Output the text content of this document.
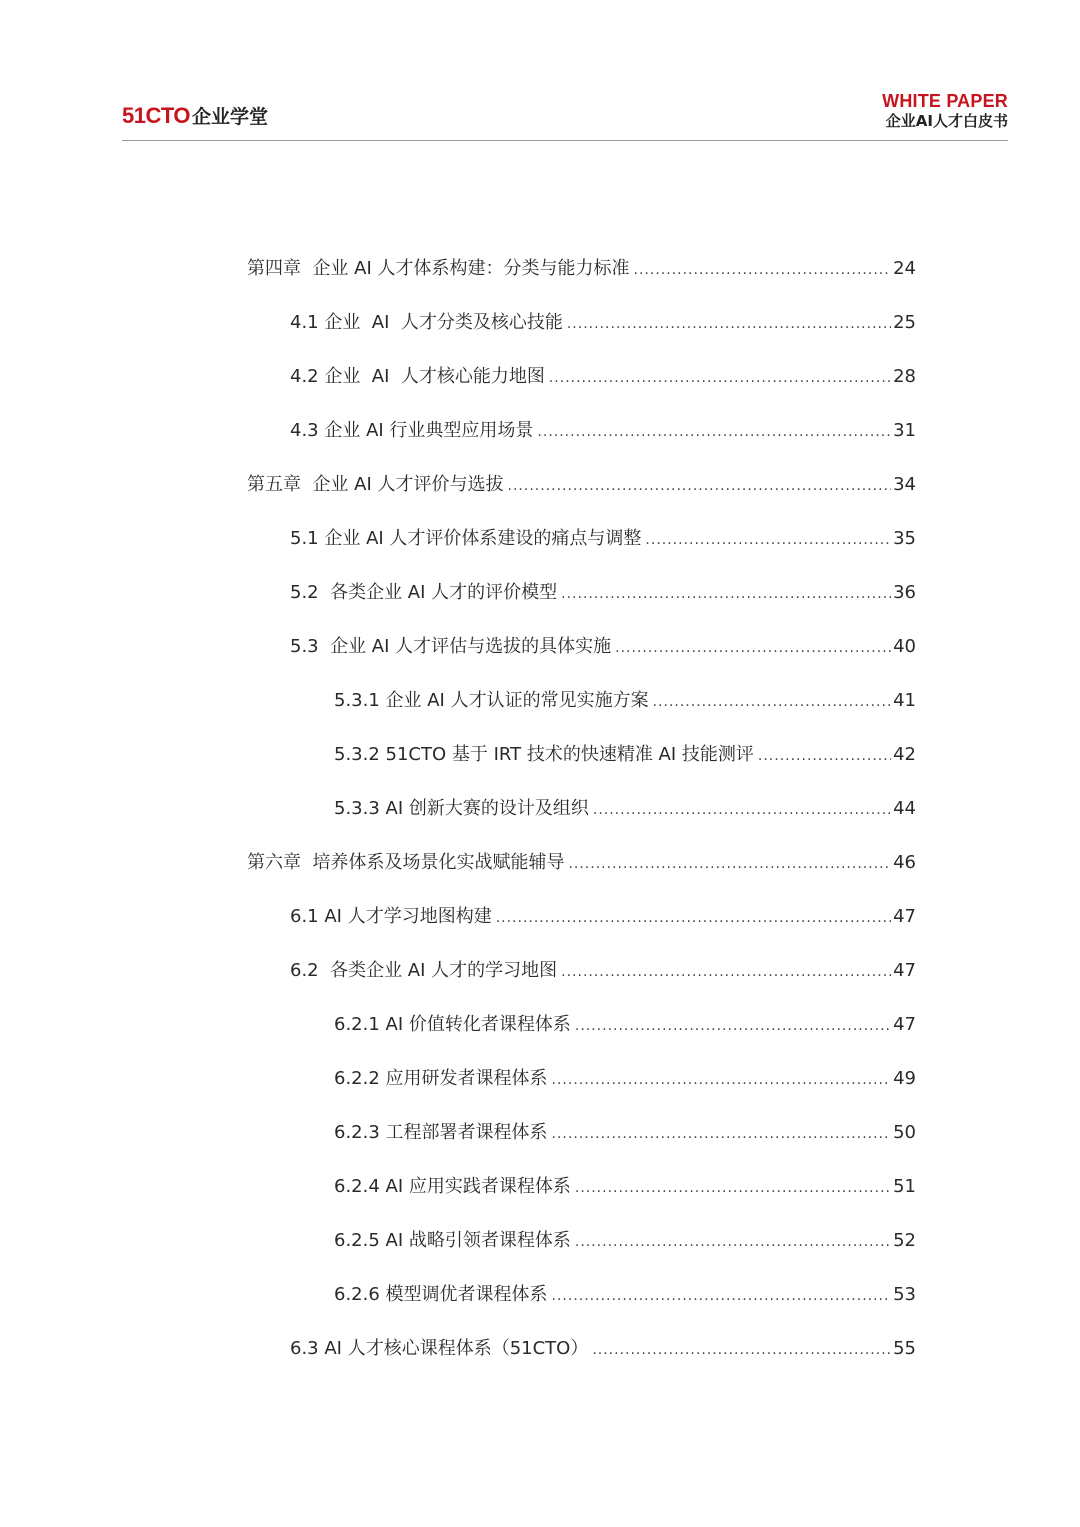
51CTO 企业学堂
WHITE PAPER
企业AI人才白皮书
第四章  企业 AI 人才体系构建：分类与能力标准 .....	24
4.1 企业  AI  人才分类及核心技能 .....	25
4.2 企业  AI  人才核心能力地图 .....	28
4.3 企业 AI 行业典型应用场景 .....	31
第五章  企业 AI 人才评价与选拔 .....	34
5.1 企业 AI 人才评价体系建设的痛点与调整 .....	35
5.2  各类企业 AI 人才的评价模型 .....	36
5.3  企业 AI 人才评估与选拔的具体实施 .....	40
5.3.1 企业 AI 人才认证的常见实施方案 .....	41
5.3.2 51CTO 基于 IRT 技术的快速精准 AI 技能测评 .....	42
5.3.3 AI 创新大赛的设计及组织 .....	44
第六章  培养体系及场景化实战赋能辅导 .....	46
6.1 AI 人才学习地图构建 .....	47
6.2  各类企业 AI 人才的学习地图 .....	47
6.2.1 AI 价值转化者课程体系 .....	47
6.2.2 应用研发者课程体系 .....	49
6.2.3 工程部署者课程体系 .....	50
6.2.4 AI 应用实践者课程体系 .....	51
6.2.5 AI 战略引领者课程体系 .....	52
6.2.6 模型调优者课程体系 .....	53
6.3 AI 人才核心课程体系（51CTO） .....	55
